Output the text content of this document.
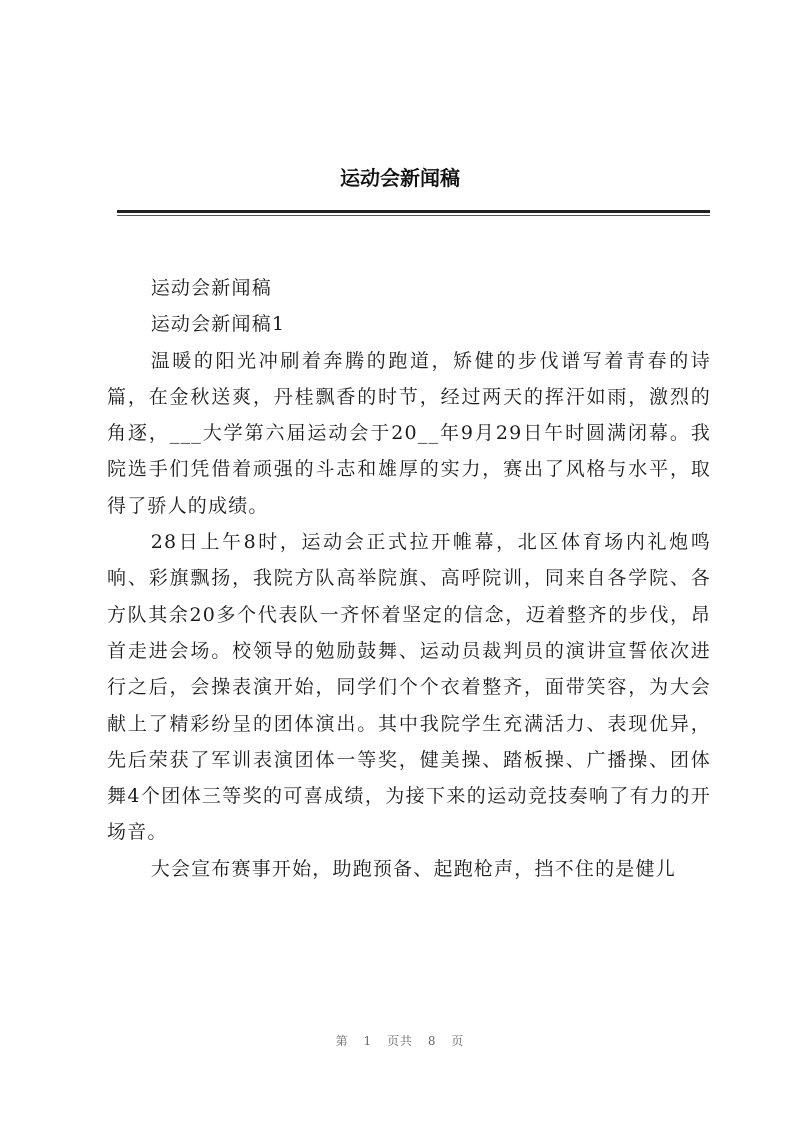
运动会新闻稿

运动会新闻稿

运动会新闻稿1

温暖的阳光冲刷着奔腾的跑道，矫健的步伐谱写着青春的诗篇，在金秋送爽，丹桂飘香的时节，经过两天的挥汗如雨，激烈的角逐，___大学第六届运动会于20__年9月29日午时圆满闭幕。我院选手们凭借着顽强的斗志和雄厚的实力，赛出了风格与水平，取得了骄人的成绩。

28日上午8时，运动会正式拉开帷幕，北区体育场内礼炮鸣响、彩旗飘扬，我院方队高举院旗、高呼院训，同来自各学院、各方队其余20多个代表队一齐怀着坚定的信念，迈着整齐的步伐，昂首走进会场。校领导的勉励鼓舞、运动员裁判员的演讲宣誓依次进行之后，会操表演开始，同学们个个衣着整齐，面带笑容，为大会献上了精彩纷呈的团体演出。其中我院学生充满活力、表现优异，先后荣获了军训表演团体一等奖，健美操、踏板操、广播操、团体舞4个团体三等奖的可喜成绩，为接下来的运动竞技奏响了有力的开场音。

大会宣布赛事开始，助跑预备、起跑枪声，挡不住的是健儿

第 1 页共 8 页
